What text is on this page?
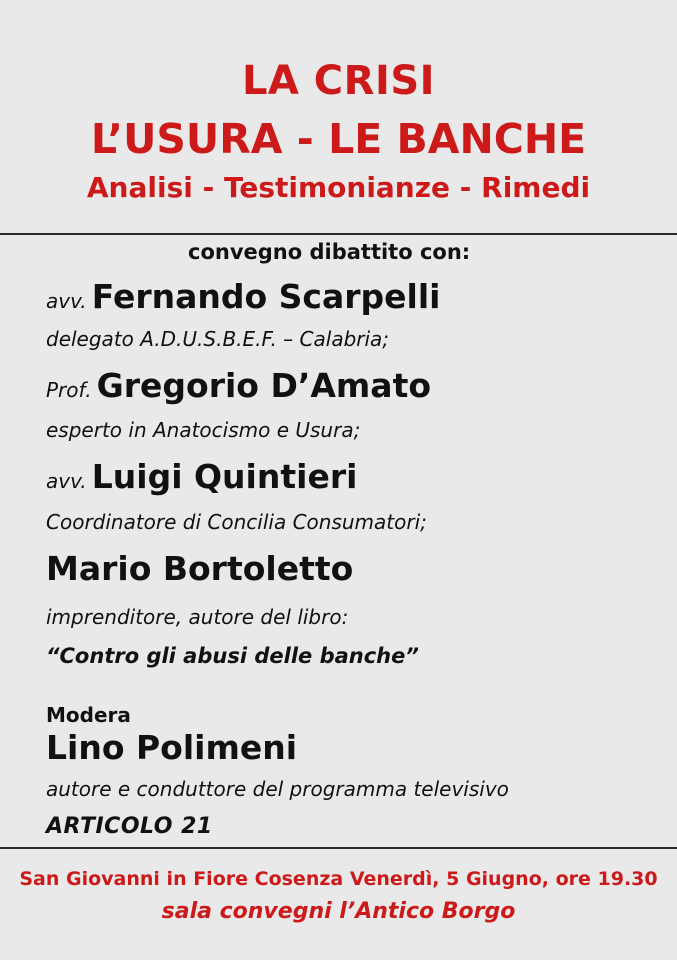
LA CRISI
L’USURA - LE BANCHE
Analisi - Testimonianze - Rimedi
convegno dibattito con:
avv. Fernando Scarpelli
delegato A.D.U.S.B.E.F. – Calabria;
Prof. Gregorio D’Amato
esperto in Anatocismo e Usura;
avv. Luigi Quintieri
Coordinatore di Concilia Consumatori;
Mario Bortoletto
imprenditore, autore del libro:
“Contro gli abusi delle banche”
Modera
Lino Polimeni
autore e conduttore del programma televisivo
ARTICOLO 21
San Giovanni in Fiore Cosenza Venerdì, 5 Giugno, ore 19.30
sala convegni l’Antico Borgo
